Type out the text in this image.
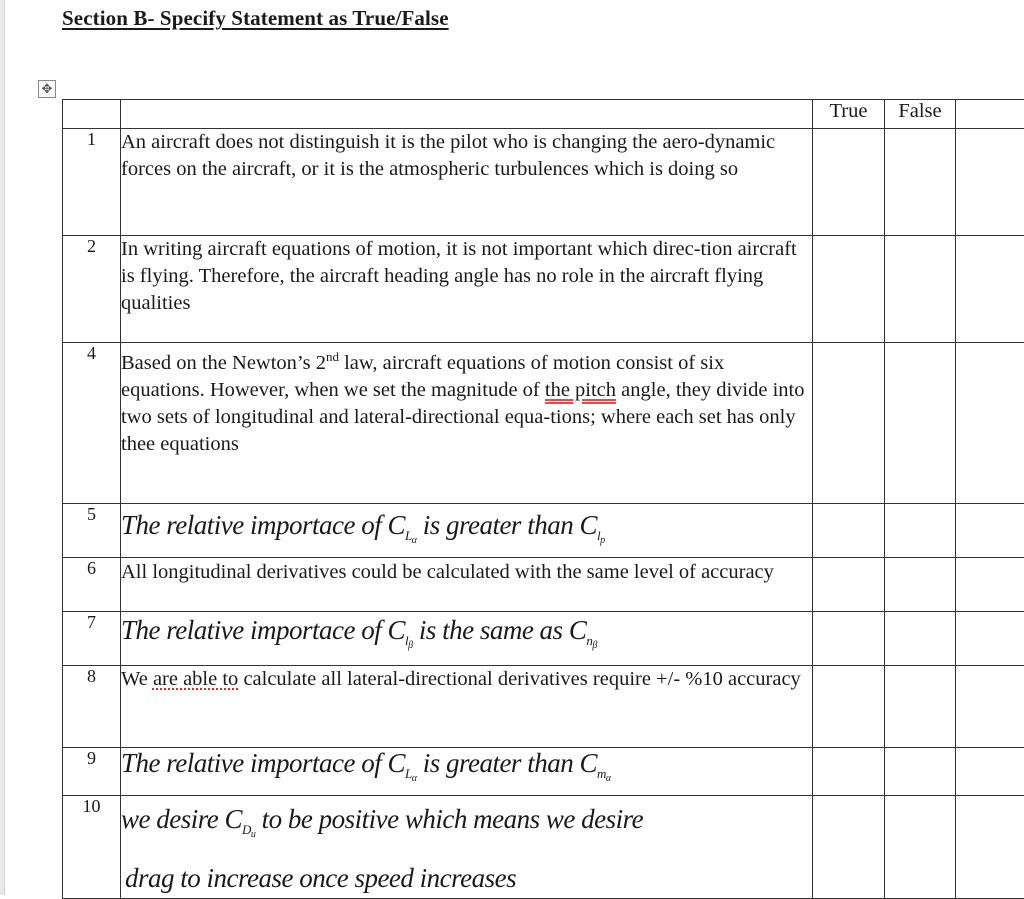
Section B- Specify Statement as True/False
✥
		True	False	
1	An aircraft does not distinguish it is the pilot who is changing the aero-dynamic forces on the aircraft, or it is the atmospheric turbulences which is doing so			
2	In writing aircraft equations of motion, it is not important which direc-tion aircraft is flying. Therefore, the aircraft heading angle has no role in the aircraft flying qualities			
4	Based on the Newton’s 2nd law, aircraft equations of motion consist of six equations. However, when we set the magnitude of the pitch angle, they divide into two sets of longitudinal and lateral-directional equa-tions; where each set has only thee equations			
5	The relative importace of $C_{L_\alpha}$ is greater than $C_{l_p}$

6	All longitudinal derivatives could be calculated with the same level of accuracy			
7	The relative importace of $C_{l_\beta}$ is the same as $C_{n_\beta}$

8	We are able to calculate all lateral-directional derivatives require +/- %10 accuracy			
9	The relative importace of $C_{L_\alpha}$ is greater than $C_{m_\alpha}$

10	we desire $C_{D_u}$ to be positive which means we desire
drag to increase once speed increases			
